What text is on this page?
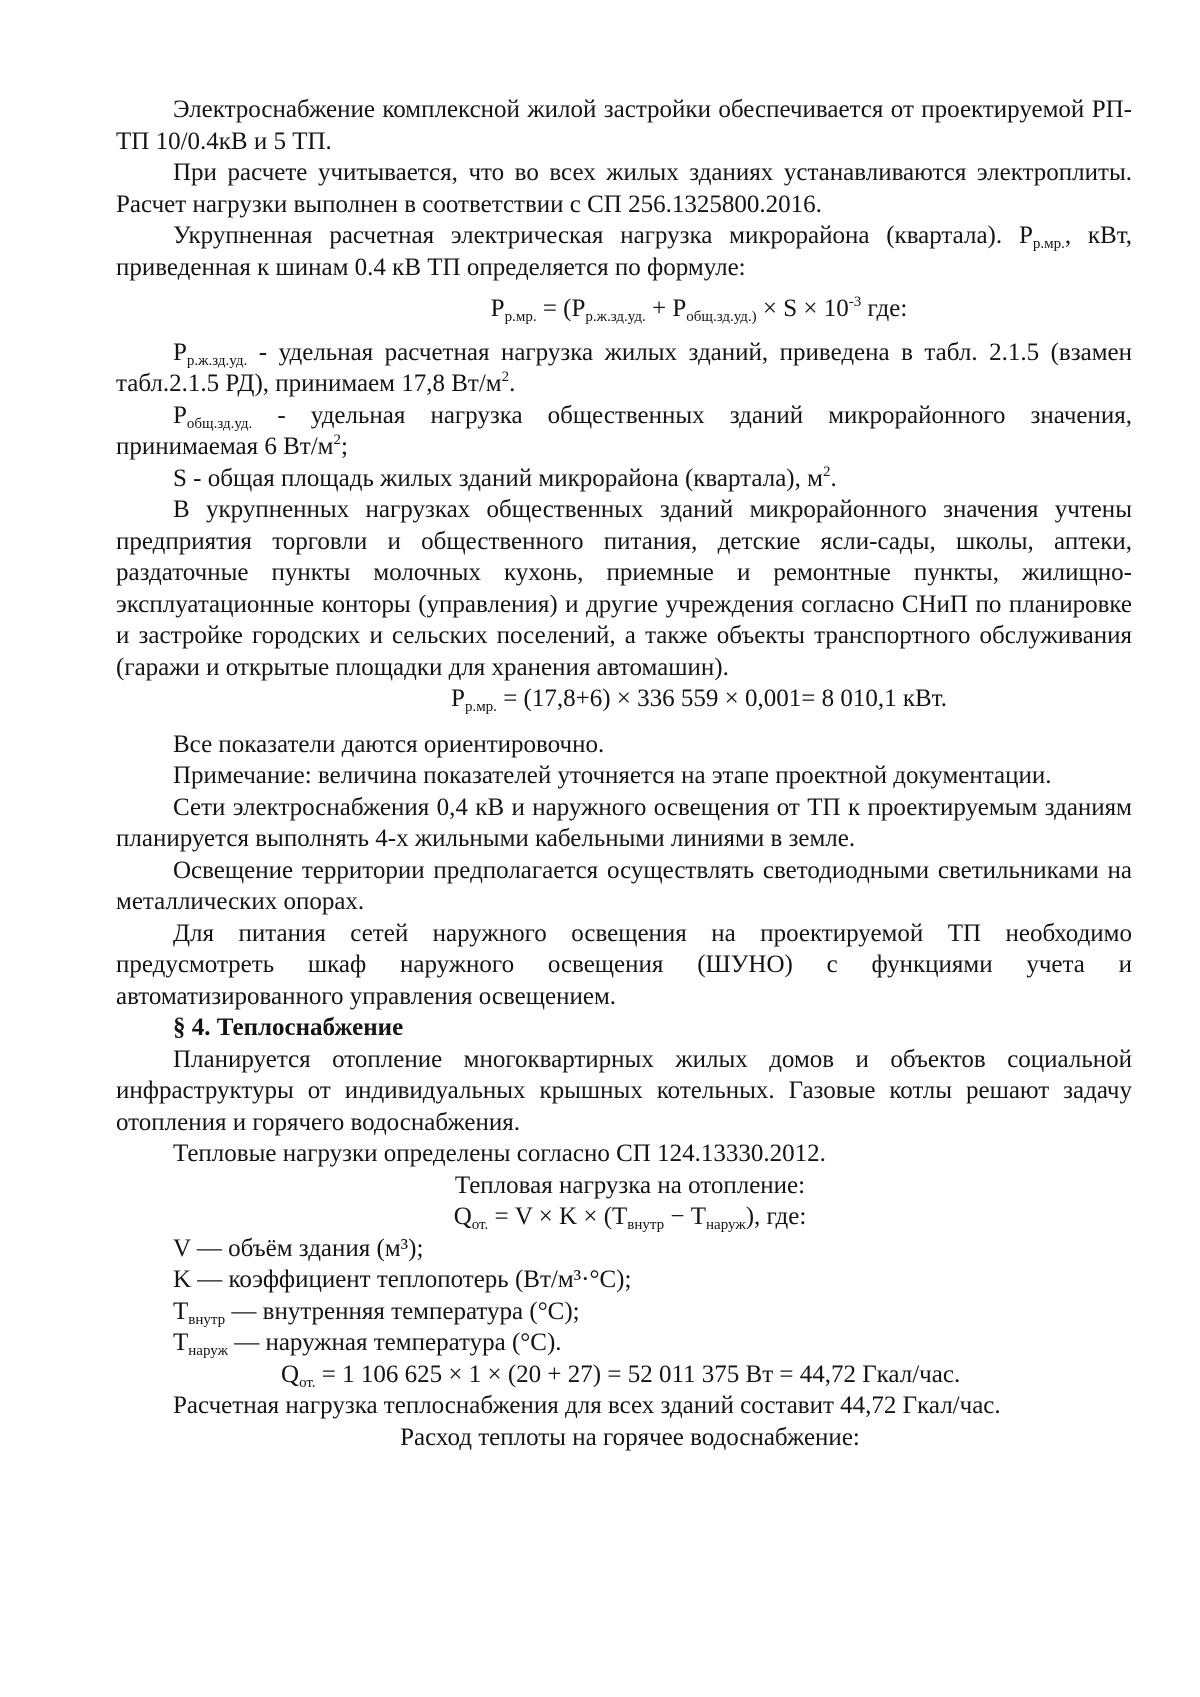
Электроснабжение комплексной жилой застройки обеспечивается от проектируемой РП-ТП 10/0.4кВ и 5 ТП.

При расчете учитывается, что во всех жилых зданиях устанавливаются электроплиты. Расчет нагрузки выполнен в соответствии с СП 256.1325800.2016.

Укрупненная расчетная электрическая нагрузка микрорайона (квартала). $P_{р.мр.}$, кВт, приведенная к шинам 0.4 кВ ТП определяется по формуле:

$P_{р.мр.} = (P_{р.ж.зд.уд.} + P_{общ.зд.уд.)} \times S \times 10^{-3}$ где:

$P_{р.ж.зд.уд.}$ - удельная расчетная нагрузка жилых зданий, приведена в табл. 2.1.5 (взамен табл.2.1.5 РД), принимаем 17,8 $Вт/м^2$.

$P_{общ.зд.уд.}$ - удельная нагрузка общественных зданий микрорайонного значения, принимаемая 6 $Вт/м^2$;

S - общая площадь жилых зданий микрорайона (квартала), $м^2$.

В укрупненных нагрузках общественных зданий микрорайонного значения учтены предприятия торговли и общественного питания, детские ясли-сады, школы, аптеки, раздаточные пункты молочных кухонь, приемные и ремонтные пункты, жилищно-эксплуатационные конторы (управления) и другие учреждения согласно СНиП по планировке и застройке городских и сельских поселений, а также объекты транспортного обслуживания (гаражи и открытые площадки для хранения автомашин).

$P_{р.мр.} = (17,8+6) \times 336$ 559 × 0,001= 8 010,1 кВт.

Все показатели даются ориентировочно.

Примечание: величина показателей уточняется на этапе проектной документации.

Сети электроснабжения 0,4 кВ и наружного освещения от ТП к проектируемым зданиям планируется выполнять 4-х жильными кабельными линиями в земле.

Освещение территории предполагается осуществлять светодиодными светильниками на металлических опорах.

Для питания сетей наружного освещения на проектируемой ТП необходимо предусмотреть шкаф наружного освещения (ШУНО) с функциями учета и автоматизированного управления освещением.

§ 4. Теплоснабжение

Планируется отопление многоквартирных жилых домов и объектов социальной инфраструктуры от индивидуальных крышных котельных. Газовые котлы решают задачу отопления и горячего водоснабжения.

Тепловые нагрузки определены согласно СП 124.13330.2012.

Тепловая нагрузка на отопление:

$Q_{от.} = V \times K \times (T_{внутр} - T_{наруж})$, где:

V — объём здания (м³);

K — коэффициент теплопотерь (Вт/м³·°C);

$T_{внутр}$ — внутренняя температура (°C);

$T_{наруж}$ — наружная температура (°C).

$Q_{от.} = 1$ 106 625 × 1 × (20 + 27) = 52 011 375 Вт = 44,72 Гкал/час.

Расчетная нагрузка теплоснабжения для всех зданий составит 44,72 Гкал/час.

Расход теплоты на горячее водоснабжение:
